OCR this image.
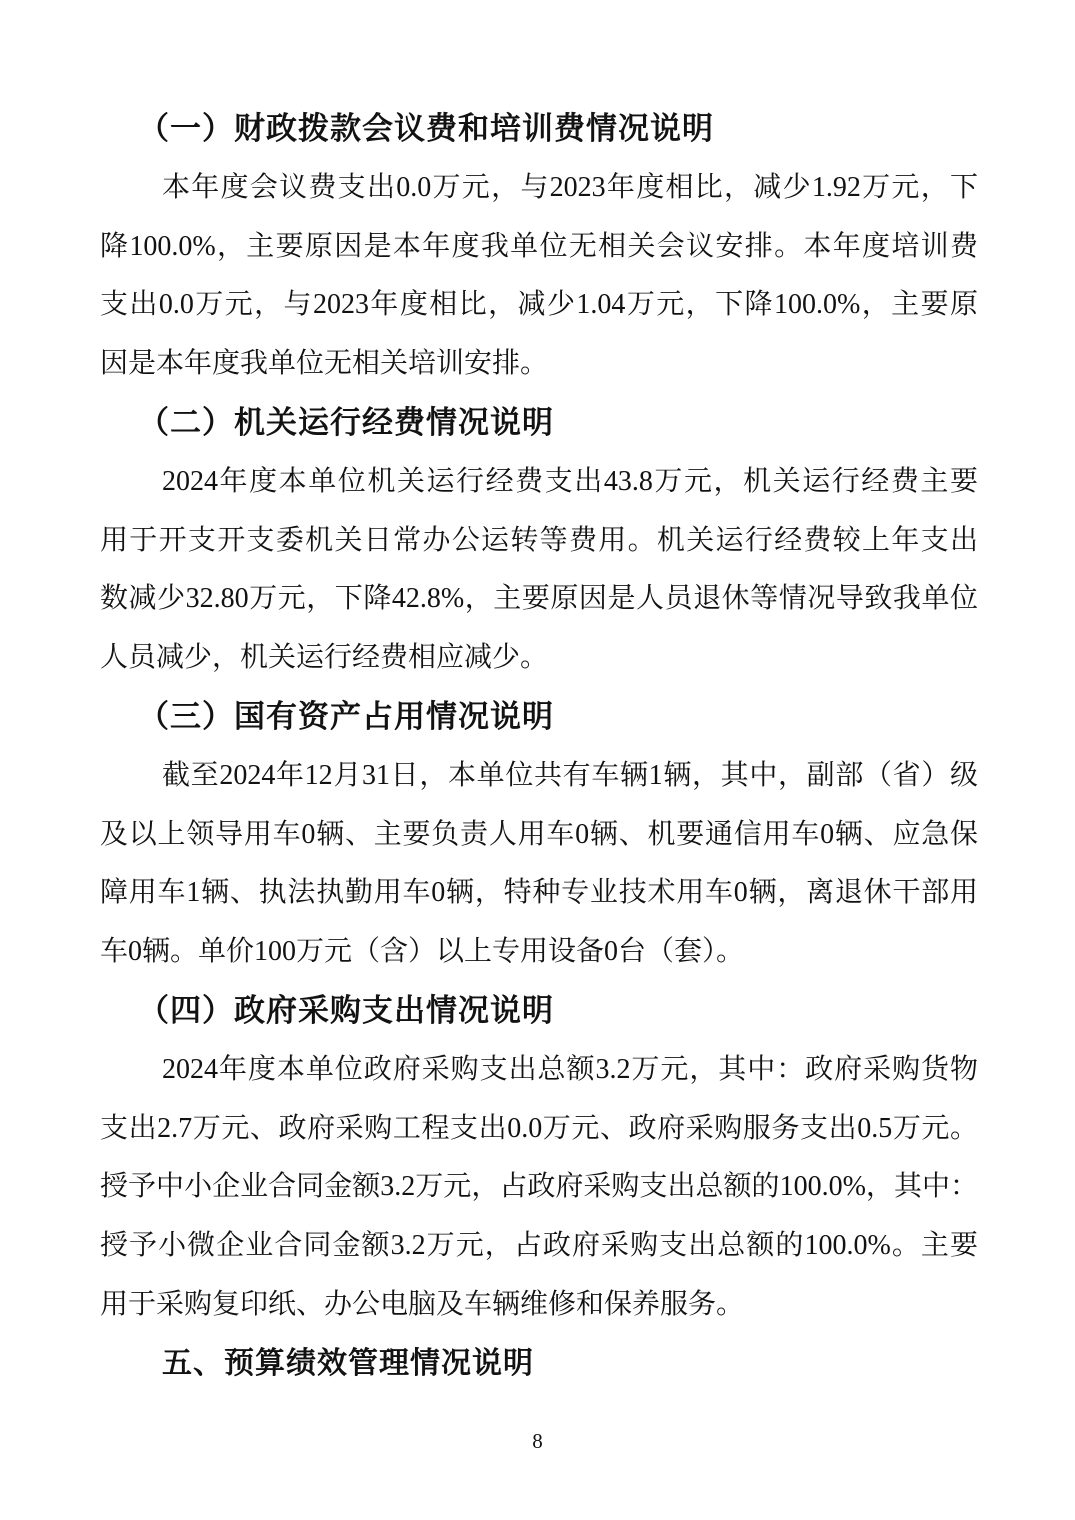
（一）财政拨款会议费和培训费情况说明
本年度会议费支出0.0万元，与2023年度相比，减少1.92万元，下
降100.0%，主要原因是本年度我单位无相关会议安排。本年度培训费
支出0.0万元，与2023年度相比，减少1.04万元，下降100.0%，主要原
因是本年度我单位无相关培训安排。
（二）机关运行经费情况说明
2024年度本单位机关运行经费支出43.8万元，机关运行经费主要
用于开支开支委机关日常办公运转等费用。机关运行经费较上年支出
数减少32.80万元，下降42.8%，主要原因是人员退休等情况导致我单位
人员减少，机关运行经费相应减少。
（三）国有资产占用情况说明
截至2024年12月31日，本单位共有车辆1辆，其中，副部（省）级
及以上领导用车0辆、主要负责人用车0辆、机要通信用车0辆、应急保
障用车1辆、执法执勤用车0辆，特种专业技术用车0辆，离退休干部用
车0辆。单价100万元（含）以上专用设备0台（套）。
（四）政府采购支出情况说明
2024年度本单位政府采购支出总额3.2万元，其中：政府采购货物
支出2.7万元、政府采购工程支出0.0万元、政府采购服务支出0.5万元。
授予中小企业合同金额3.2万元，占政府采购支出总额的100.0%，其中：
授予小微企业合同金额3.2万元，占政府采购支出总额的100.0%。主要
用于采购复印纸、办公电脑及车辆维修和保养服务。
五、预算绩效管理情况说明
8
